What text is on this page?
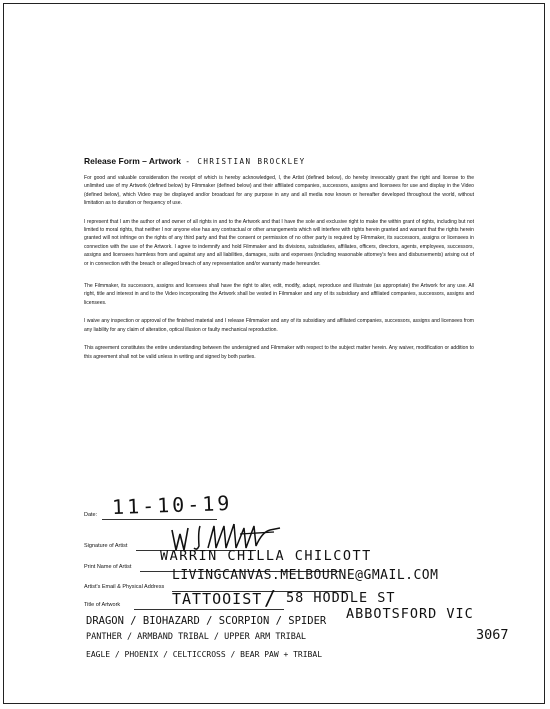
Release Form – Artwork - CHRISTIAN BROCKLEY

For good and valuable consideration the receipt of which is hereby acknowledged, I, the Artist (defined below), do hereby irrevocably grant the right and license to the unlimited use of my Artwork (defined below) by Filmmaker (defined below) and their affiliated companies, successors, assigns and licensees for use and display in the Video (defined below), which Video may be displayed and/or broadcast for any purpose in any and all media now known or hereafter developed throughout the world, without limitation as to duration or frequency of use.

I represent that I am the author of and owner of all rights in and to the Artwork and that I have the sole and exclusive right to make the within grant of rights, including but not limited to moral rights, that neither I nor anyone else has any contractual or other arrangements which will interfere with rights herein granted and warrant that the rights herein granted will not infringe on the rights of any third party and that the consent or permission of no other party is required by Filmmaker, its successors, assigns or licensees in connection with the use of the Artwork. I agree to indemnify and hold Filmmaker and its divisions, subsidiaries, affiliates, officers, directors, agents, employees, successors, assigns and licensees harmless from and against any and all liabilities, damages, suits and expenses (including reasonable attorney's fees and disbursements) arising out of or in connection with the breach or alleged breach of any representation and/or warranty made hereunder.

The Filmmaker, its successors, assigns and licensees shall have the right to alter, edit, modify, adapt, reproduce and illustrate (as appropriate) the Artwork for any use. All right, title and interest in and to the Video incorporating the Artwork shall be vested in Filmmaker and any of its subsidiary and affiliated companies, successors, assigns and licensees.

I waive any inspection or approval of the finished material and I release Filmmaker and any of its subsidiary and affiliated companies, successors, assigns and licensees from any liability for any claim of alteration, optical illusion or faulty mechanical reproduction.

This agreement constitutes the entire understanding between the undersigned and Filmmaker with respect to the subject matter herein. Any waiver, modification or addition to this agreement shall not be valid unless in writing and signed by both parties.

Date: 11-10-19
Signature of Artist
Print Name of Artist
WARRIN CHILLA CHILCOTT
Artist's Email & Physical Address
LIVINGCANVAS.MELBOURNE@GMAIL.COM
58 HODDLE ST
ABBOTSFORD VIC
3067
Title of Artwork	TATTOOIST /
DRAGON / BIOHAZARD / SCORPION / SPIDER
PANTHER / ARMBAND TRIBAL / UPPER ARM TRIBAL
EAGLE / PHOENIX / CELTICCROSS / BEAR PAW + TRIBAL
